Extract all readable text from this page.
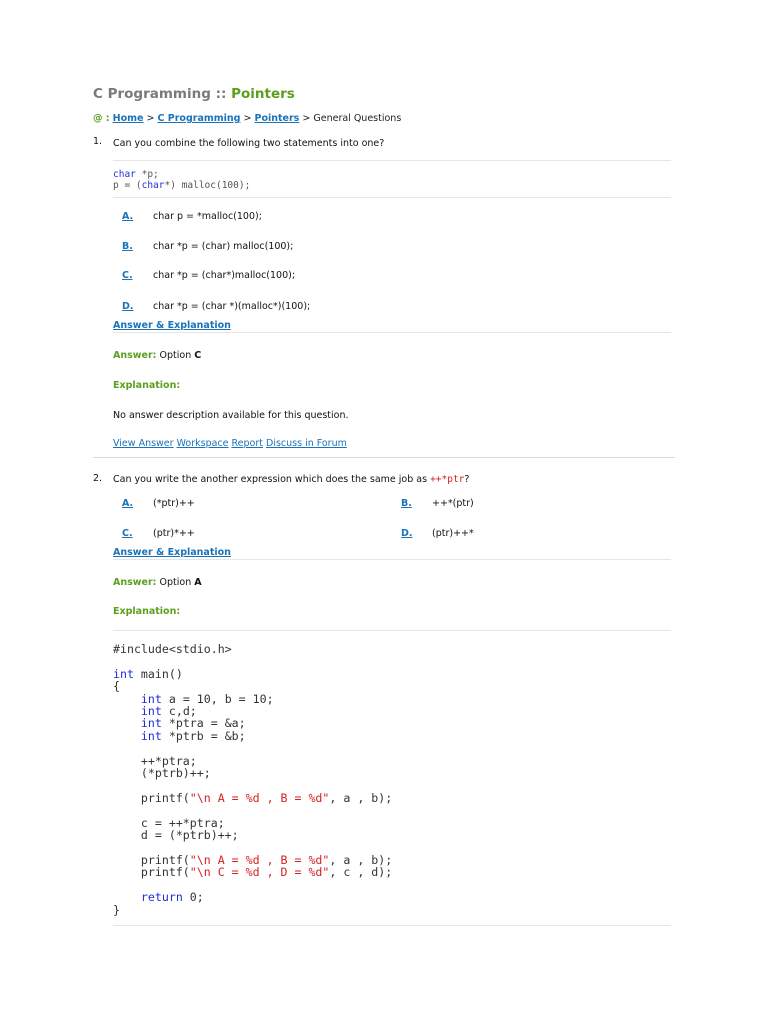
C Programming :: Pointers
@ : Home > C Programming > Pointers > General Questions
1. Can you combine the following two statements into one?
char *p;
p = (char*) malloc(100);
A. char p = *malloc(100);
B. char *p = (char) malloc(100);
C. char *p = (char*)malloc(100);
D. char *p = (char *)(malloc*)(100);
Answer & Explanation
Answer: Option C
Explanation:
No answer description available for this question.
View Answer Workspace Report Discuss in Forum
2. Can you write the another expression which does the same job as ++*ptr?
A. (*ptr)++	B. ++*(ptr)
C. (ptr)*++	D. (ptr)++*
Answer & Explanation
Answer: Option A
Explanation:
#include<stdio.h>

int main()
{
int a = 10, b = 10;
int c,d;
int *ptra = &a;
int *ptrb = &b;

++*ptra;
(*ptrb)++;

printf("\n A = %d , B = %d", a , b);

c = ++*ptra;
d = (*ptrb)++;

printf("\n A = %d , B = %d", a , b);
printf("\n C = %d , D = %d", c , d);

return 0;
}
